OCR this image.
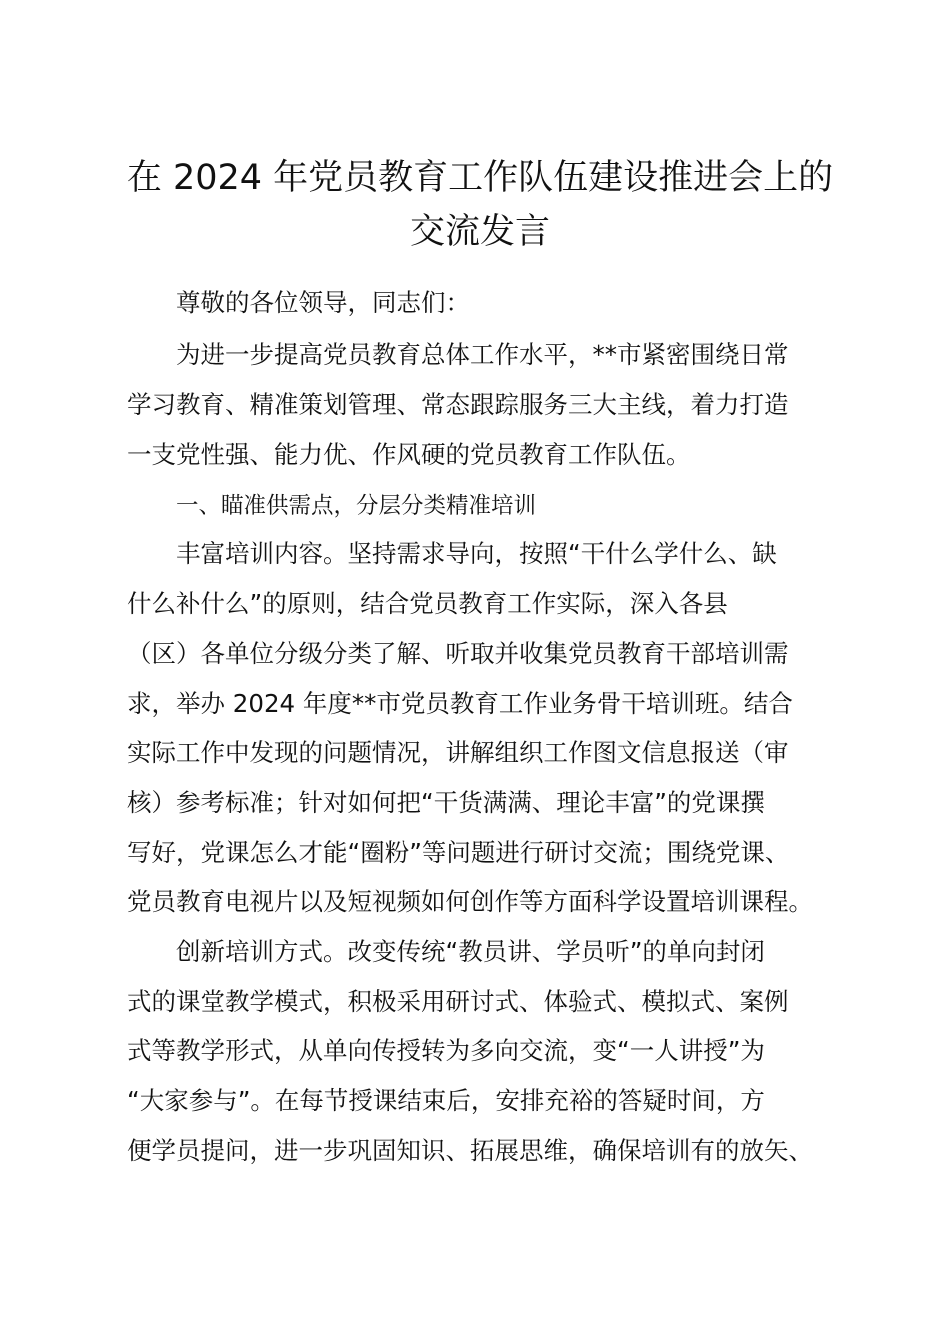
在 2024 年党员教育工作队伍建设推进会上的
交流发言

尊敬的各位领导，同志们：

为进一步提高党员教育总体工作水平，**市紧密围绕日常

学习教育、精准策划管理、常态跟踪服务三大主线，着力打造

一支党性强、能力优、作风硬的党员教育工作队伍。

一、瞄准供需点，分层分类精准培训

丰富培训内容。坚持需求导向，按照“干什么学什么、缺

什么补什么”的原则，结合党员教育工作实际，深入各县

（区）各单位分级分类了解、听取并收集党员教育干部培训需

求，举办 2024 年度**市党员教育工作业务骨干培训班。结合

实际工作中发现的问题情况，讲解组织工作图文信息报送（审

核）参考标准；针对如何把“干货满满、理论丰富”的党课撰

写好，党课怎么才能“圈粉”等问题进行研讨交流；围绕党课、

党员教育电视片以及短视频如何创作等方面科学设置培训课程。

创新培训方式。改变传统“教员讲、学员听”的单向封闭

式的课堂教学模式，积极采用研讨式、体验式、模拟式、案例

式等教学形式，从单向传授转为多向交流，变“一人讲授”为

“大家参与”。在每节授课结束后，安排充裕的答疑时间，方

便学员提问，进一步巩固知识、拓展思维，确保培训有的放矢、
